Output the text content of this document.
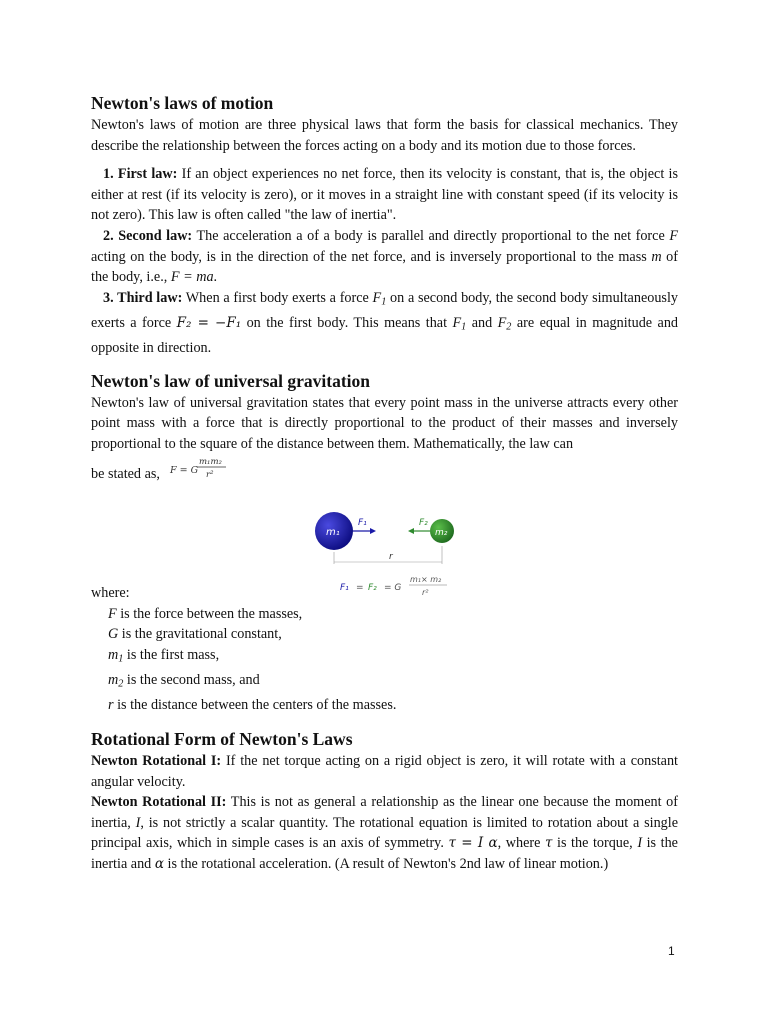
Newton's laws of motion

Newton's laws of motion are three physical laws that form the basis for classical mechanics. They describe the relationship between the forces acting on a body and its motion due to those forces.

1. First law: If an object experiences no net force, then its velocity is constant, that is, the object is either at rest (if its velocity is zero), or it moves in a straight line with constant speed (if its velocity is not zero). This law is often called "the law of inertia".

2. Second law: The acceleration a of a body is parallel and directly proportional to the net force F acting on the body, is in the direction of the net force, and is inversely proportional to the mass m of the body, i.e., F = ma.

3. Third law: When a first body exerts a force $F_1$ on a second body, the second body simultaneously exerts a force F₂ = −F₁ on the first body. This means that $F_1$ and $F_2$ are equal in magnitude and opposite in direction.

Newton's law of universal gravitation

Newton's law of universal gravitation states that every point mass in the universe attracts every other point mass with a force that is directly proportional to the product of their masses and inversely proportional to the square of the distance between them. Mathematically, the law can

be stated as, F = G
m₁m₂
r²
m₁
F₁
m₂
F₂
r
F₁ = F₂ = G
m₁× m₂
r²
where:
F is the force between the masses,
G is the gravitational constant,
$m_1$ is the first mass,
$m_2$ is the second mass, and
r is the distance between the centers of the masses.
Rotational Form of Newton's Laws

Newton Rotational I: If the net torque acting on a rigid object is zero, it will rotate with a constant angular velocity.

Newton Rotational II: This is not as general a relationship as the linear one because the moment of inertia, I, is not strictly a scalar quantity. The rotational equation is limited to rotation about a single principal axis, which in simple cases is an axis of symmetry. τ = I α, where τ is the torque, I is the inertia and α is the rotational acceleration. (A result of Newton's 2nd law of linear motion.)

1
